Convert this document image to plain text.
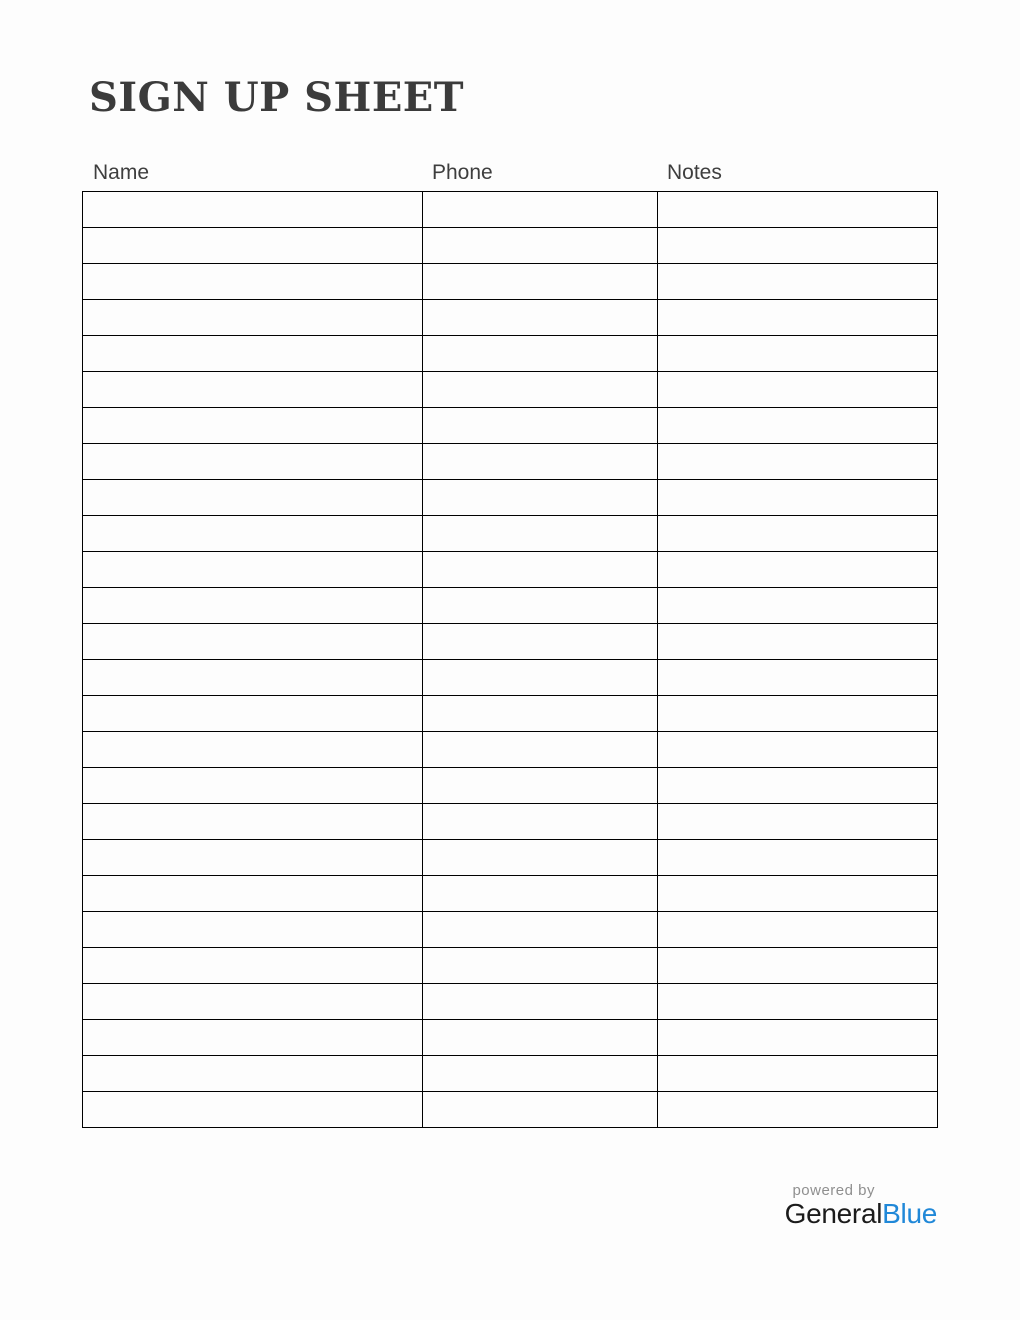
SIGN UP SHEET
Name	Phone	Notes

powered by
GeneralBlue
